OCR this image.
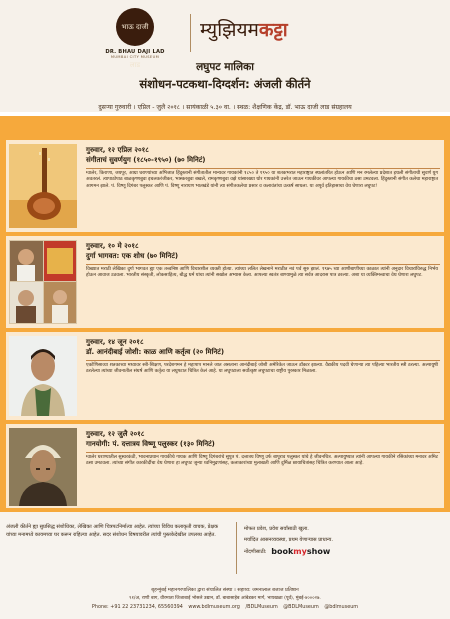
भाऊ दाजी लाड
DR. BHAU DAJI LAD
MUMBAI CITY MUSEUM
म्युझियमकट्टा
लघुपट मालिका
संशोधन-पटकथा-दिग्दर्शन: अंजली कीर्तने
दुसऱ्या गुरुवारी । एप्रिल - जुलै २०१८ । सायंकाळी ५.३० वा. । स्थळ: शैक्षणिक केंद्र, डॉ. भाऊ दाजी लाड संग्रहालय
गुरुवार, १२ एप्रिल २०१८
संगीताचं सुवर्णयुग (१८५०-१९५०) (७० मिनिटं)
ग्वालेर, किराणा, जयपूर, आग्रा घराण्यांच्या अभिजात हिंदुस्तानी संगीतातील मान्यवर गायकांनी १८५० ते १९५० या शतकभरात महाराष्ट्रात स्थलांतरित होऊन आणि मन रमलेल्या प्रदेशात इथली संगीताची सुवर्ण युग अवतरलं. त्यापाठोपाठ बाळकृष्णबुवा इचलकरंजीकर, भास्करबुवा बखले, रामकृष्णबुवा वझे यांसारख्या थोर गायकांनी उत्तरेत जाऊन गायकीवर आपल्या गायकीचा ठसा उमटवला. हिंदुस्तानी संगीत कलेचा महाराष्ट्रात आगमन झाले. पं. विष्णू दिगंबर पलुस्कर आणि पं. विष्णू नारायण भातखंडे यांनी त्या संगीतकलेचा प्रसार व कलावंतांचा उत्कर्ष साधला. या अपूर्व इतिहासाचा वेध घेणारा लघुपट!
गुरुवार, १० मे २०१८
दुर्गा भागवत: एक शोध (७० मिनिटं)
विख्यात मराठी लेखिका दुर्गा भागवत ह्या एक तत्त्वनिष्ठ आणि विचारशील व्यक्ती होत्या. त्यांच्या ललित लेखनाने मराठीत नवं पर्व सुरु झालं. १९७५ च्या आणीबाणीच्या काळात त्यांनी अनुदार विचारांविरुद्ध निर्भय होऊन आवाज उठवला. भारतीय संस्कृती, लोकसाहित्य, बौद्ध धर्म यांचा त्यांनी सखोल अभ्यास केला. आपल्या स्वतंत्र बाण्यामुळे त्या सर्वत्र आदरास पात्र ठरल्या. अशा या व्यक्तिमत्त्वाचा वेध घेणारा लघुपट.
गुरुवार, १४ जून २०१८
डॉ. आनंदीबाई जोशी: काळ आणि कर्तृत्व (२० मिनिटं)
एकोणिसाव्या शतकाच्या मध्यावर स्त्री-शिक्षण, परदेशगमन हे महापाप मानले जात असताना आनंदीबाई जोशी अमेरिकेत जाऊन डॉक्टर झाल्या. वैद्यकीय पदवी घेणाऱ्या त्या पहिल्या भारतीय स्त्री ठरल्या. अल्पायुषी ठरलेल्या त्यांच्या जीवनातील संघर्ष आणि कर्तृत्व या लघुपटात चित्रित केलं आहे. या लघुपटाला सर्वोत्कृष्ट लघुपटाचा राष्ट्रीय पुरस्कार मिळाला.
गुरुवार, १२ जुलै २०१८
गानयोगी: पं. दत्तात्रय विष्णू पलुस्कर (१३० मिनिटं)
ग्वालेर घराण्यातील सुस्वरकंठी, भावनाप्रधान गायकीचे गायक आणि विष्णू दिगंबरांचे सुपुत्र पं. दत्तात्रय विष्णू उर्फ बापूराव पलुस्कर यांचे हे जीवनचित्र. अल्पायुष्यात त्यांनी आपल्या गायकीने रसिकांच्या मनावर अमिट ठसा उमटवला. त्यांच्या संगीत कारकीर्दीचा वेध घेणारा हा लघुपट जुन्या ध्वनिमुद्रणांसह, कलाकारांच्या मुलाखती आणि दुर्मिळ छायाचित्रांसह चित्रित करण्यात आला आहे.
अंजली कीर्तने ह्या सुप्रसिद्ध संशोधिका, लेखिका आणि चित्रपटनिर्मात्या आहेत. त्यांच्या विविध कलाकृती वाचक, प्रेक्षक यांच्या मनामध्ये कायमच्या घर करून राहिल्या आहेत. सदर संशोधन विषयावरील त्यांची पुस्तकेदेखील उपलब्ध आहेत.
मोफत प्रवेश, प्रवेश सर्वांसाठी खुला.
मर्यादित आसनव्यवस्था, प्रथम येणाऱ्यास प्राधान्य.
नोंदणीसाठी: bookmyshow
बृहन्मुंबई महानगरपालिका द्वारा संचालित संस्था । सहाय्य: जमनालाल बजाज प्रतिष्ठान
९१/अ, राणी बाग, वीरमाता जिजाबाई भोसले उद्यान, डॉ. बाबासाहेब आंबेडकर मार्ग, भायखळा (पूर्व), मुंबई-४०००२७.
Phone: +91 22 23731234, 65560394 www.bdlmuseum.org /BDLMuseum @BDLMuseum @bdlmuseum
